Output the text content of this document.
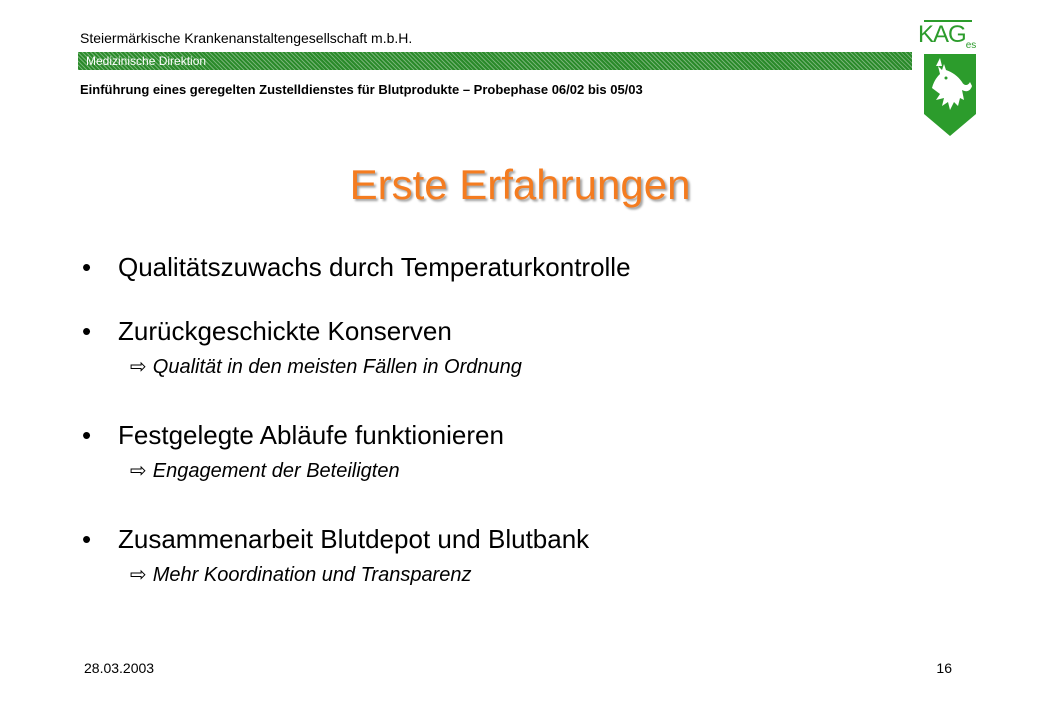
Steiermärkische Krankenanstaltengesellschaft m.b.H.
Medizinische Direktion
Einführung eines geregelten Zustelldienstes für Blutprodukte – Probephase 06/02 bis 05/03
$KAG_{es}$
Erste Erfahrungen
•	Qualitätszuwachs durch Temperaturkontrolle
•	Zurückgeschickte Konserven
⇨ Qualität in den meisten Fällen in Ordnung
•	Festgelegte Abläufe funktionieren
⇨ Engagement der Beteiligten
•	Zusammenarbeit Blutdepot und Blutbank
⇨ Mehr Koordination und Transparenz
28.03.2003	16
